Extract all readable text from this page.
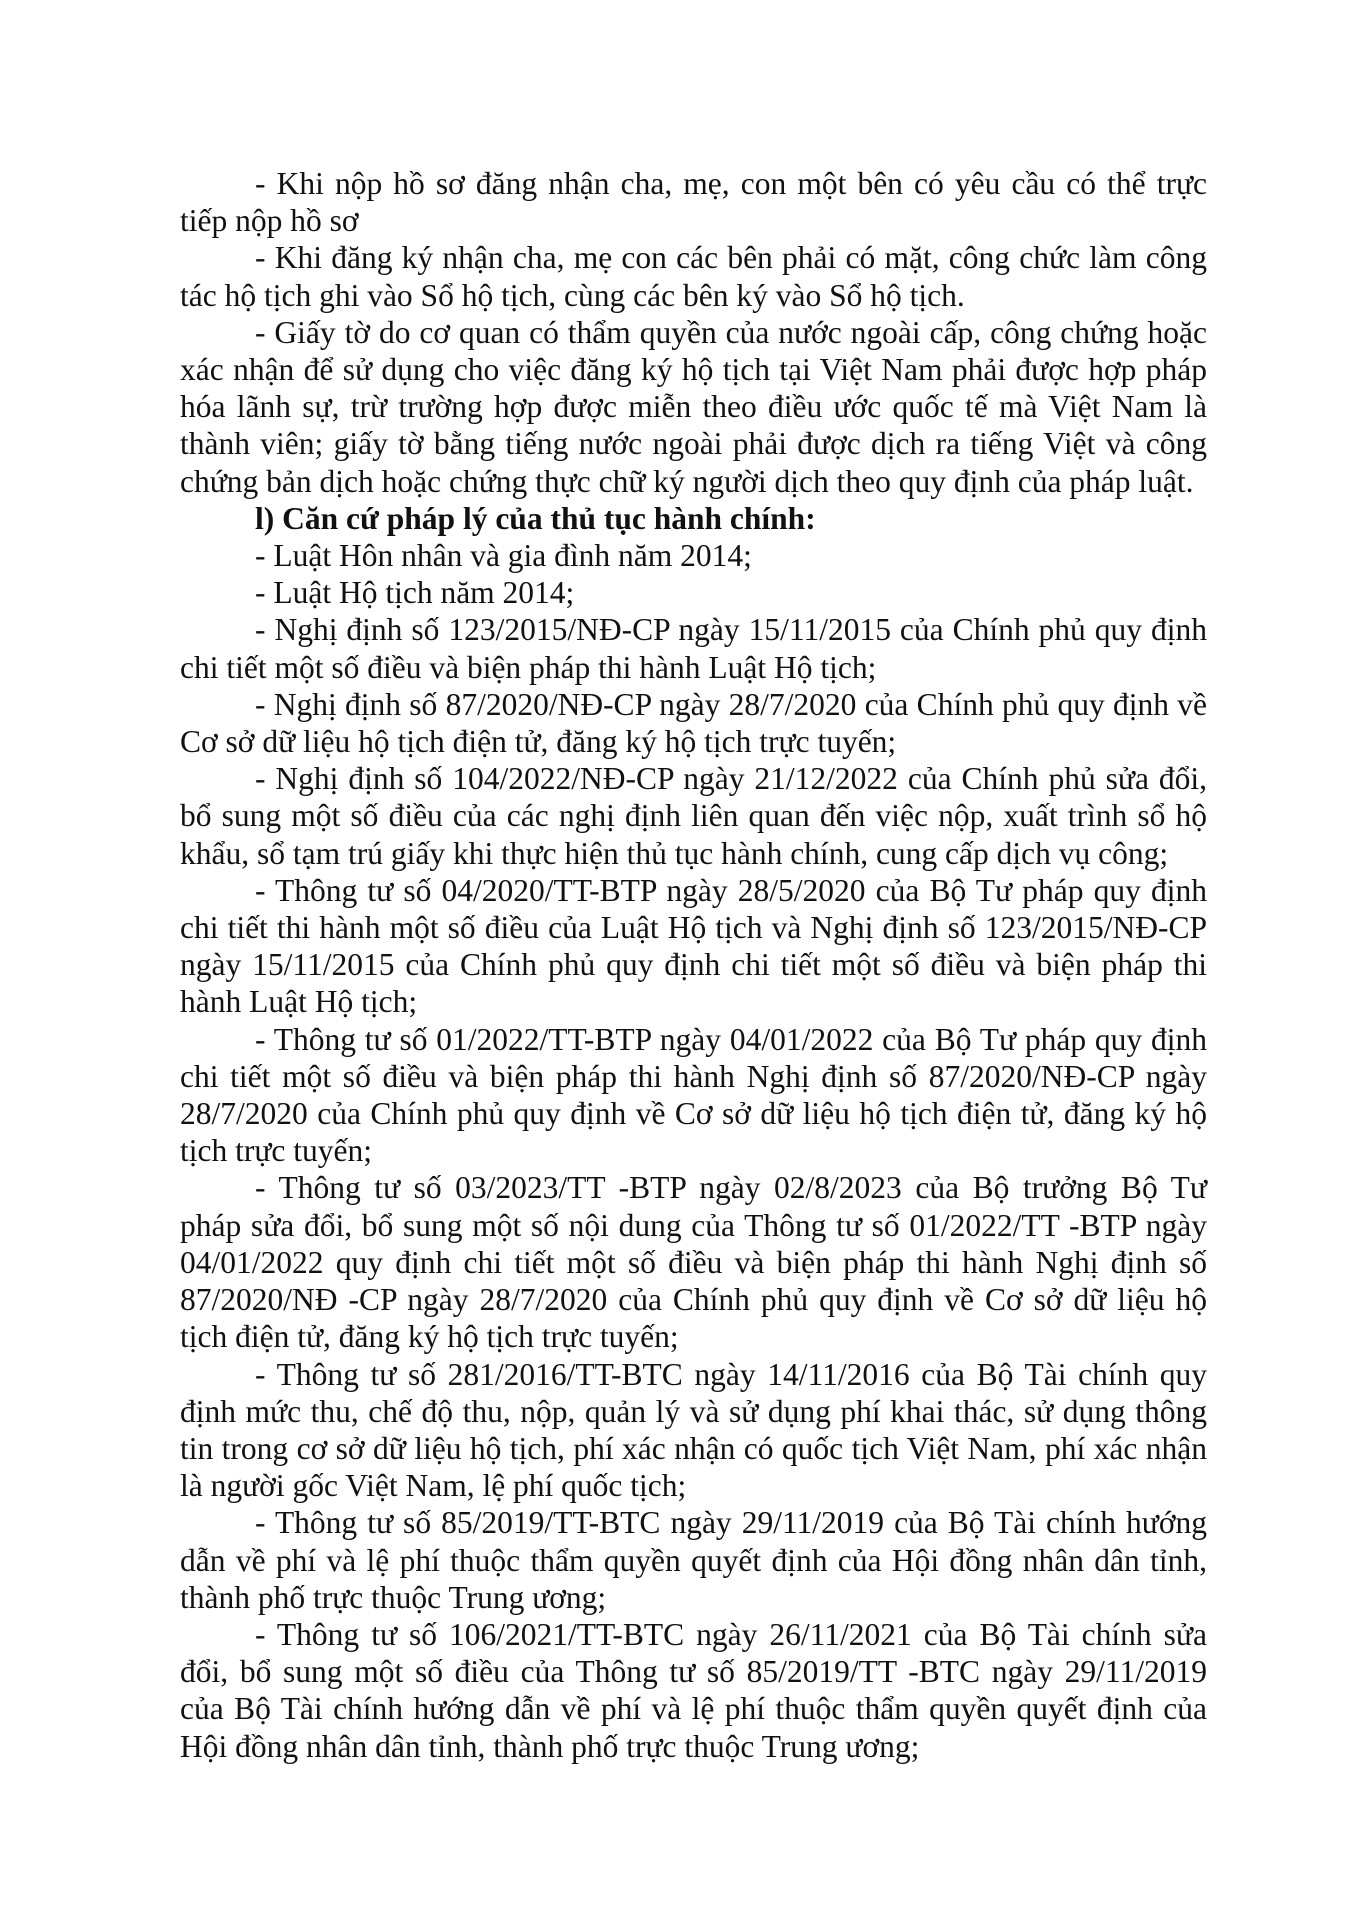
- Khi nộp hồ sơ đăng nhận cha, mẹ, con một bên có yêu cầu có thể trực tiếp nộp hồ sơ

- Khi đăng ký nhận cha, mẹ con các bên phải có mặt, công chức làm công tác hộ tịch ghi vào Sổ hộ tịch, cùng các bên ký vào Sổ hộ tịch.

- Giấy tờ do cơ quan có thẩm quyền của nước ngoài cấp, công chứng hoặc xác nhận để sử dụng cho việc đăng ký hộ tịch tại Việt Nam phải được hợp pháp hóa lãnh sự, trừ trường hợp được miễn theo điều ước quốc tế mà Việt Nam là thành viên; giấy tờ bằng tiếng nước ngoài phải được dịch ra tiếng Việt và công chứng bản dịch hoặc chứng thực chữ ký người dịch theo quy định của pháp luật.

l) Căn cứ pháp lý của thủ tục hành chính:

- Luật Hôn nhân và gia đình năm 2014;

- Luật Hộ tịch năm 2014;

- Nghị định số 123/2015/NĐ-CP ngày 15/11/2015 của Chính phủ quy định chi tiết một số điều và biện pháp thi hành Luật Hộ tịch;

- Nghị định số 87/2020/NĐ-CP ngày 28/7/2020 của Chính phủ quy định về Cơ sở dữ liệu hộ tịch điện tử, đăng ký hộ tịch trực tuyến;

- Nghị định số 104/2022/NĐ-CP ngày 21/12/2022 của Chính phủ sửa đổi, bổ sung một số điều của các nghị định liên quan đến việc nộp, xuất trình sổ hộ khẩu, sổ tạm trú giấy khi thực hiện thủ tục hành chính, cung cấp dịch vụ công;

- Thông tư số 04/2020/TT-BTP ngày 28/5/2020 của Bộ Tư pháp quy định chi tiết thi hành một số điều của Luật Hộ tịch và Nghị định số 123/2015/NĐ-CP ngày 15/11/2015 của Chính phủ quy định chi tiết một số điều và biện pháp thi hành Luật Hộ tịch;

- Thông tư số 01/2022/TT-BTP ngày 04/01/2022 của Bộ Tư pháp quy định chi tiết một số điều và biện pháp thi hành Nghị định số 87/2020/NĐ-CP ngày 28/7/2020 của Chính phủ quy định về Cơ sở dữ liệu hộ tịch điện tử, đăng ký hộ tịch trực tuyến;

- Thông tư số 03/2023/TT -BTP ngày 02/8/2023 của Bộ trưởng Bộ Tư pháp sửa đổi, bổ sung một số nội dung của Thông tư số 01/2022/TT -BTP ngày 04/01/2022 quy định chi tiết một số điều và biện pháp thi hành Nghị định số 87/2020/NĐ -CP ngày 28/7/2020 của Chính phủ quy định về Cơ sở dữ liệu hộ tịch điện tử, đăng ký hộ tịch trực tuyến;

- Thông tư số 281/2016/TT-BTC ngày 14/11/2016 của Bộ Tài chính quy định mức thu, chế độ thu, nộp, quản lý và sử dụng phí khai thác, sử dụng thông tin trong cơ sở dữ liệu hộ tịch, phí xác nhận có quốc tịch Việt Nam, phí xác nhận là người gốc Việt Nam, lệ phí quốc tịch;

- Thông tư số 85/2019/TT-BTC ngày 29/11/2019 của Bộ Tài chính hướng dẫn về phí và lệ phí thuộc thẩm quyền quyết định của Hội đồng nhân dân tỉnh, thành phố trực thuộc Trung ương;

- Thông tư số 106/2021/TT-BTC ngày 26/11/2021 của Bộ Tài chính sửa đổi, bổ sung một số điều của Thông tư số 85/2019/TT -BTC ngày 29/11/2019 của Bộ Tài chính hướng dẫn về phí và lệ phí thuộc thẩm quyền quyết định của Hội đồng nhân dân tỉnh, thành phố trực thuộc Trung ương;
